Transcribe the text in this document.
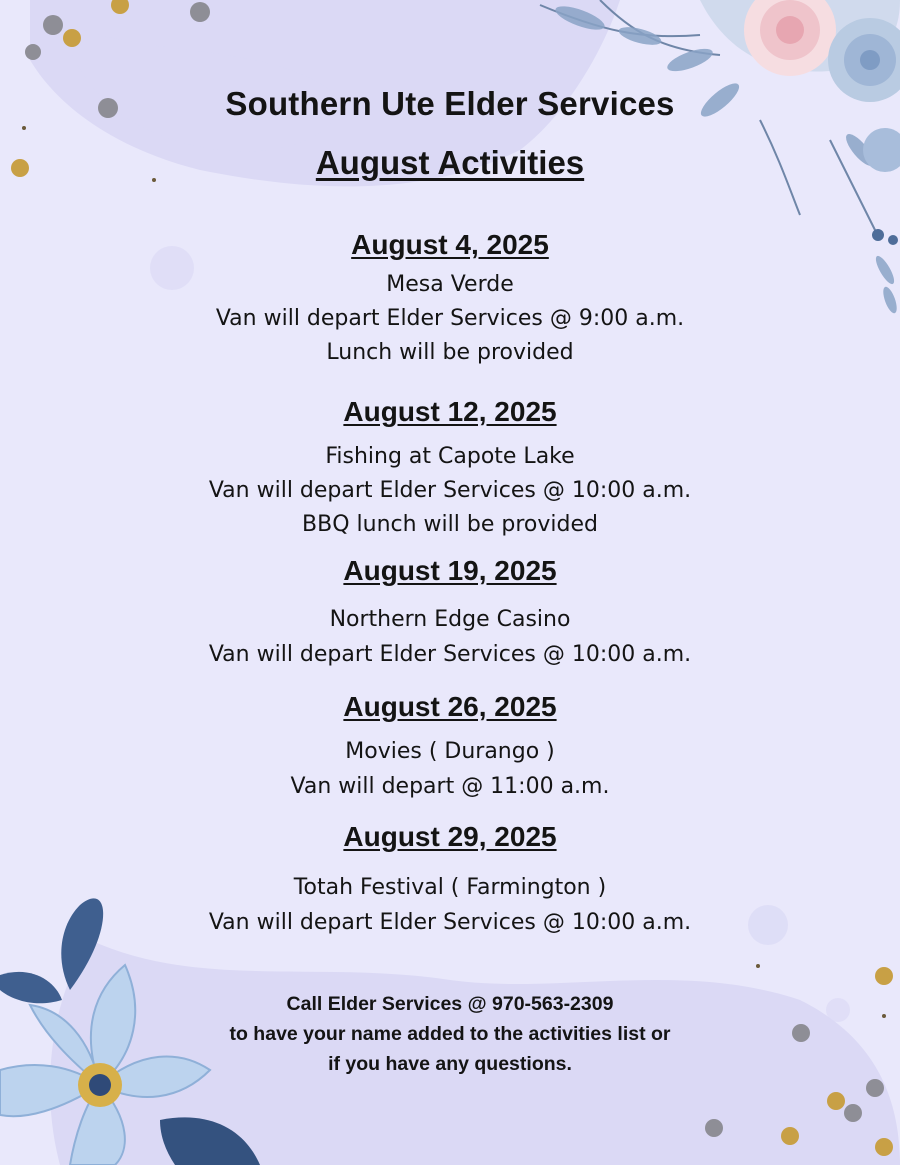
Southern Ute Elder Services
August Activities
August 4, 2025
Mesa Verde
Van will depart Elder Services @ 9:00 a.m.
Lunch will be provided
August 12, 2025
Fishing at Capote Lake
Van will depart Elder Services @ 10:00 a.m.
BBQ lunch will be provided
August 19, 2025
Northern Edge Casino
Van will depart Elder Services @ 10:00 a.m.
August 26, 2025
Movies ( Durango )
Van will depart @ 11:00 a.m.
August 29, 2025
Totah Festival ( Farmington )
Van will depart Elder Services @ 10:00 a.m.
Call Elder Services @ 970-563-2309
to have your name added to the activities list or
if you have any questions.
